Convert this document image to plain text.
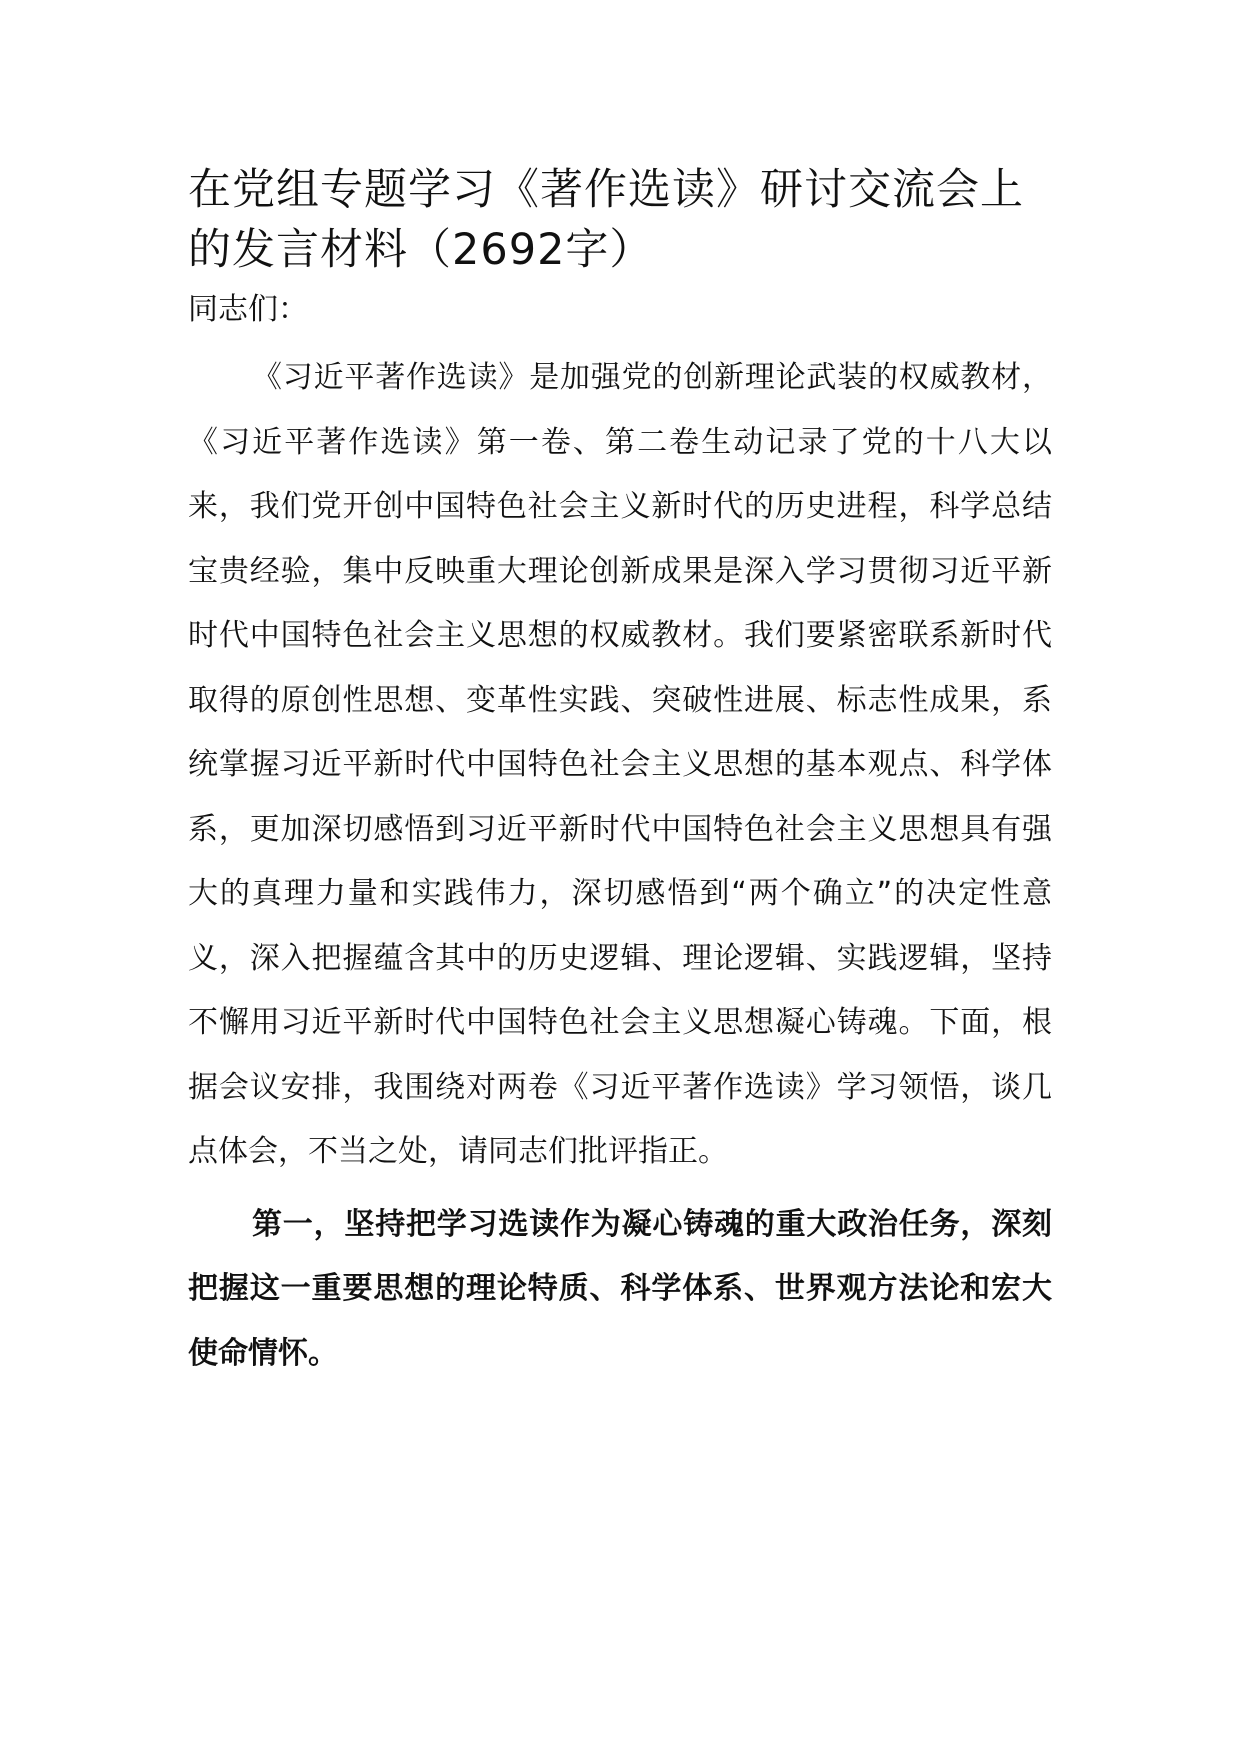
在党组专题学习《著作选读》研讨交流会上的发言材料（2692字）

同志们：

《习近平著作选读》是加强党的创新理论武装的权威教材，《习近平著作选读》第一卷、第二卷生动记录了党的十八大以来，我们党开创中国特色社会主义新时代的历史进程，科学总结宝贵经验，集中反映重大理论创新成果是深入学习贯彻习近平新时代中国特色社会主义思想的权威教材。我们要紧密联系新时代取得的原创性思想、变革性实践、突破性进展、标志性成果，系统掌握习近平新时代中国特色社会主义思想的基本观点、科学体系，更加深切感悟到习近平新时代中国特色社会主义思想具有强大的真理力量和实践伟力，深切感悟到“两个确立”的决定性意义，深入把握蕴含其中的历史逻辑、理论逻辑、实践逻辑，坚持不懈用习近平新时代中国特色社会主义思想凝心铸魂。下面，根据会议安排，我围绕对两卷《习近平著作选读》学习领悟，谈几点体会，不当之处，请同志们批评指正。

第一，坚持把学习选读作为凝心铸魂的重大政治任务，深刻把握这一重要思想的理论特质、科学体系、世界观方法论和宏大使命情怀。
